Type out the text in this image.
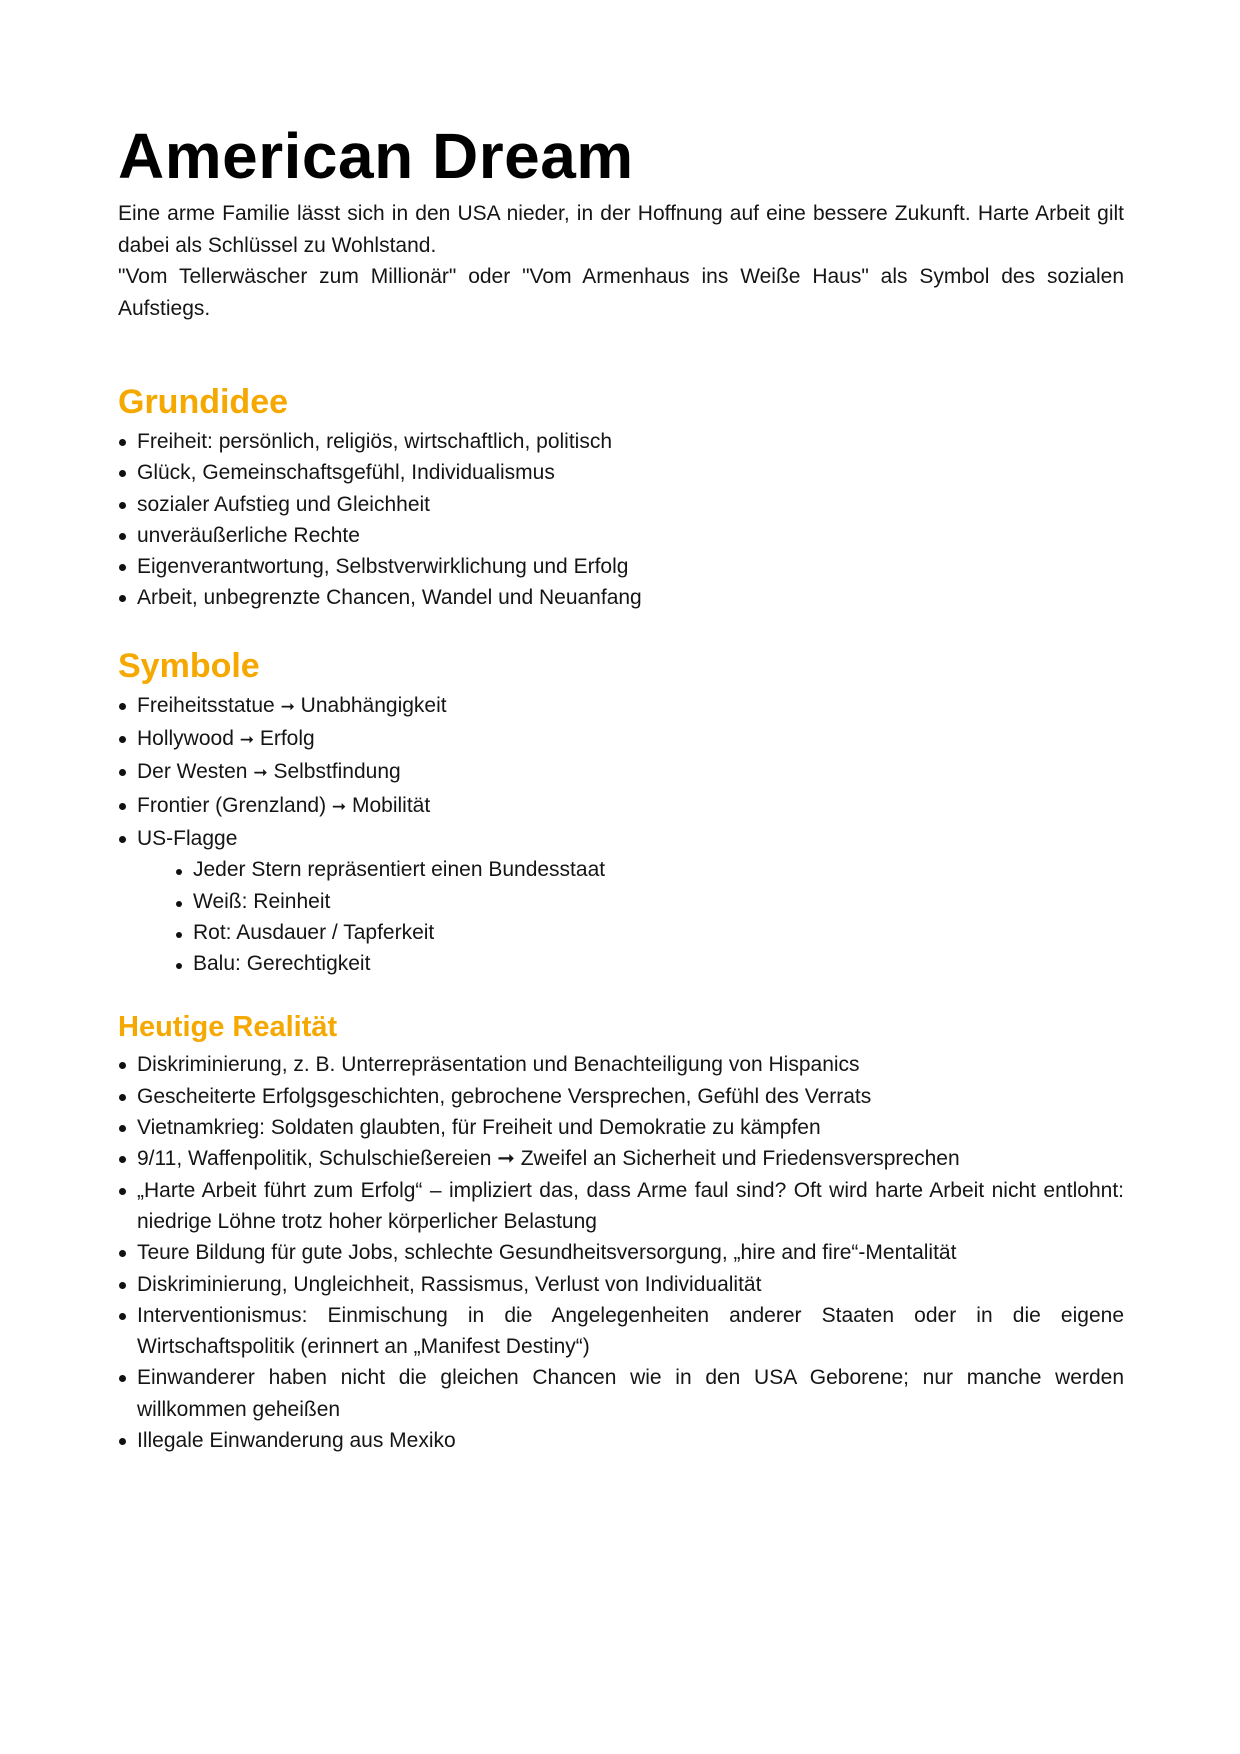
American Dream

Eine arme Familie lässt sich in den USA nieder, in der Hoffnung auf eine bessere Zukunft. Harte Arbeit gilt dabei als Schlüssel zu Wohlstand.

"Vom Tellerwäscher zum Millionär" oder "Vom Armenhaus ins Weiße Haus" als Symbol des sozialen Aufstiegs.

Grundidee
Freiheit: persönlich, religiös, wirtschaftlich, politisch
Glück, Gemeinschaftsgefühl, Individualismus
sozialer Aufstieg und Gleichheit
unveräußerliche Rechte
Eigenverantwortung, Selbstverwirklichung und Erfolg
Arbeit, unbegrenzte Chancen, Wandel und Neuanfang
Symbole
Freiheitsstatue ➞ Unabhängigkeit
Hollywood ➞ Erfolg
Der Westen ➞ Selbstfindung
Frontier (Grenzland) ➞ Mobilität
US-Flagge
Jeder Stern repräsentiert einen Bundesstaat
Weiß: Reinheit
Rot: Ausdauer / Tapferkeit
Balu: Gerechtigkeit
Heutige Realität
Diskriminierung, z. B. Unterrepräsentation und Benachteiligung von Hispanics
Gescheiterte Erfolgsgeschichten, gebrochene Versprechen, Gefühl des Verrats
Vietnamkrieg: Soldaten glaubten, für Freiheit und Demokratie zu kämpfen
9/11, Waffenpolitik, Schulschießereien ➞ Zweifel an Sicherheit und Friedensversprechen
„Harte Arbeit führt zum Erfolg“ – impliziert das, dass Arme faul sind? Oft wird harte Arbeit nicht entlohnt: niedrige Löhne trotz hoher körperlicher Belastung
Teure Bildung für gute Jobs, schlechte Gesundheitsversorgung, „hire and fire“-Mentalität
Diskriminierung, Ungleichheit, Rassismus, Verlust von Individualität
Interventionismus: Einmischung in die Angelegenheiten anderer Staaten oder in die eigene Wirtschaftspolitik (erinnert an „Manifest Destiny“)
Einwanderer haben nicht die gleichen Chancen wie in den USA Geborene; nur manche werden willkommen geheißen
Illegale Einwanderung aus Mexiko
